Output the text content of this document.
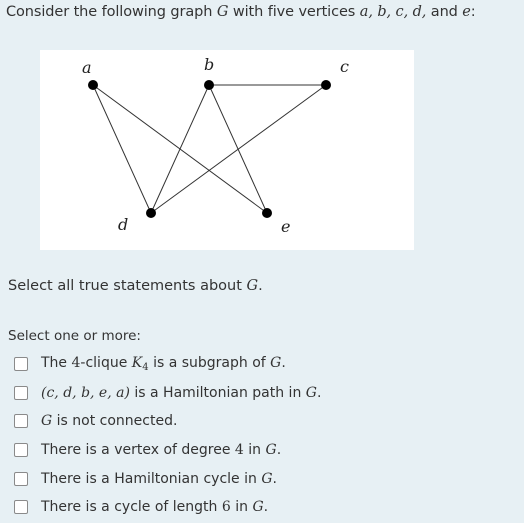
Consider the following graph G with five vertices a, b, c, d, and e:
a	b	c
d	e
Select all true statements about G.
Select one or more:
The 4-clique $K_4$ is a subgraph of G.
(c, d, b, e, a) is a Hamiltonian path in G.
G is not connected.
There is a vertex of degree 4 in G.
There is a Hamiltonian cycle in G.
There is a cycle of length 6 in G.
